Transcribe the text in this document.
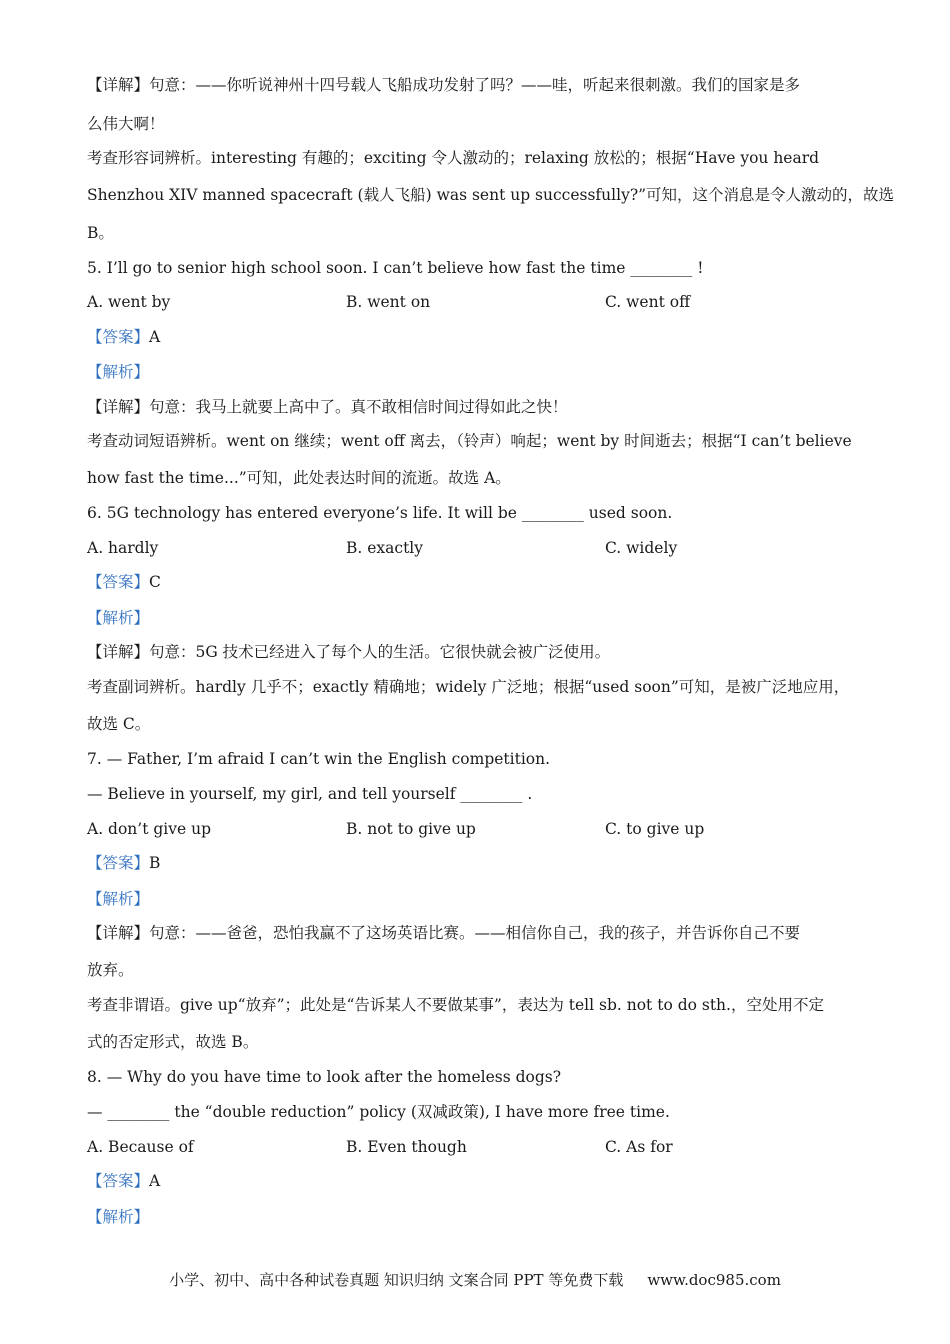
【详解】句意：——你听说神州十四号载人飞船成功发射了吗？——哇，听起来很刺激。我们的国家是多
么伟大啊！
考查形容词辨析。interesting 有趣的；exciting 令人激动的；relaxing 放松的；根据“Have you heard
Shenzhou XIV manned spacecraft (载人飞船) was sent up successfully?”可知，这个消息是令人激动的，故选
B。
5. I’ll go to senior high school soon. I can’t believe how fast the time ________ !
A. went by	B. went on	C. went off
【答案】A
【解析】
【详解】句意：我马上就要上高中了。真不敢相信时间过得如此之快！
考查动词短语辨析。went on 继续；went off 离去，（铃声）响起；went by 时间逝去；根据“I can’t believe
how fast the time...”可知，此处表达时间的流逝。故选 A。
6. 5G technology has entered everyone’s life. It will be ________ used soon.
A. hardly	B. exactly	C. widely
【答案】C
【解析】
【详解】句意：5G 技术已经进入了每个人的生活。它很快就会被广泛使用。
考查副词辨析。hardly 几乎不；exactly 精确地；widely 广泛地；根据“used soon”可知，是被广泛地应用，
故选 C。
7. — Father, I’m afraid I can’t win the English competition.
— Believe in yourself, my girl, and tell yourself ________ .
A. don’t give up	B. not to give up	C. to give up
【答案】B
【解析】
【详解】句意：——爸爸，恐怕我赢不了这场英语比赛。——相信你自己，我的孩子，并告诉你自己不要
放弃。
考查非谓语。give up“放弃”；此处是“告诉某人不要做某事”，表达为 tell sb. not to do sth.，空处用不定
式的否定形式，故选 B。
8. — Why do you have time to look after the homeless dogs?
— ________ the “double reduction” policy (双减政策), I have more free time.
A. Because of	B. Even though	C. As for
【答案】A
【解析】
小学、初中、高中各种试卷真题 知识归纳 文案合同 PPT 等免费下载 www.doc985.com
